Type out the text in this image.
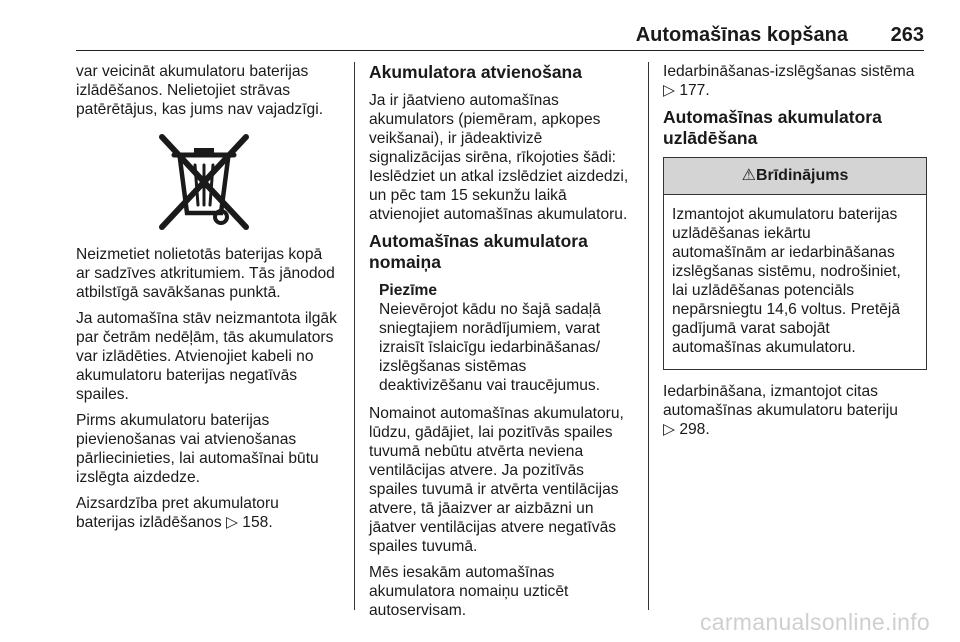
Automašīnas kopšana 263

var veicināt akumulatoru baterijas
izlādēšanos. Nelietojiet strāvas
patērētājus, kas jums nav vajadzīgi.

Neizmetiet nolietotās baterijas kopā
ar sadzīves atkritumiem. Tās jānodod
atbilstīgā savākšanas punktā.

Ja automašīna stāv neizmantota ilgāk
par četrām nedēļām, tās akumulators
var izlādēties. Atvienojiet kabeli no
akumulatoru baterijas negatīvās
spailes.

Pirms akumulatoru baterijas
pievienošanas vai atvienošanas
pārliecinieties, lai automašīnai būtu
izslēgta aizdedze.

Aizsardzība pret akumulatoru
baterijas izlādēšanos ▷ 158.

Akumulatora atvienošana

Ja ir jāatvieno automašīnas
akumulators (piemēram, apkopes
veikšanai), ir jādeaktivizē
signalizācijas sirēna, rīkojoties šādi:
Ieslēdziet un atkal izslēdziet aizdedzi,
un pēc tam 15 sekunžu laikā
atvienojiet automašīnas akumulatoru.

Automašīnas akumulatora
nomaiņa
Piezīme

Neievērojot kādu no šajā sadaļā
sniegtajiem norādījumiem, varat
izraisīt īslaicīgu iedarbināšanas/
izslēgšanas sistēmas
deaktivizēšanu vai traucējumus.

Nomainot automašīnas akumulatoru,
lūdzu, gādājiet, lai pozitīvās spailes
tuvumā nebūtu atvērta neviena
ventilācijas atvere. Ja pozitīvās
spailes tuvumā ir atvērta ventilācijas
atvere, tā jāaizver ar aizbāzni un
jāatver ventilācijas atvere negatīvās
spailes tuvumā.

Mēs iesakām automašīnas
akumulatora nomaiņu uzticēt
autoservisam.

Iedarbināšanas-izslēgšanas sistēma
▷ 177.

Automašīnas akumulatora
uzlādēšana
⚠Brīdinājums
Izmantojot akumulatoru baterijas
uzlādēšanas iekārtu
automašīnām ar iedarbināšanas
izslēgšanas sistēmu, nodrošiniet,
lai uzlādēšanas potenciāls
nepārsniegtu 14,6 voltus. Pretējā
gadījumā varat sabojāt
automašīnas akumulatoru.

Iedarbināšana, izmantojot citas
automašīnas akumulatoru bateriju
▷ 298.

carmanualsonline.info
